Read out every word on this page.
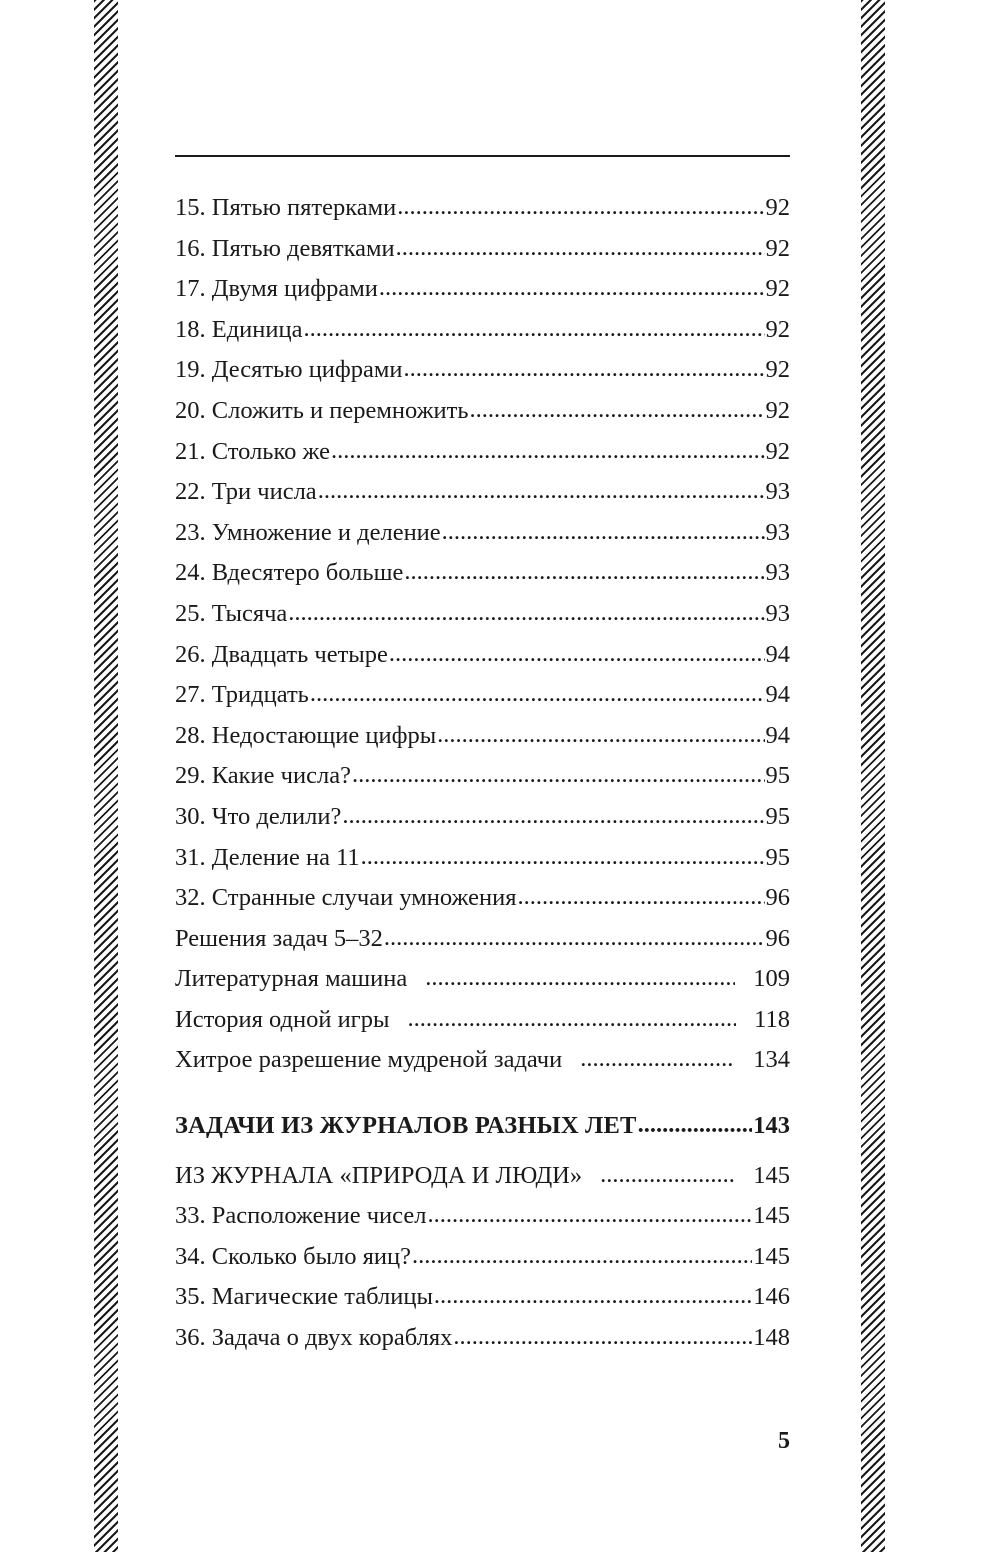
15. Пятью пятерками .....	92
16. Пятью девятками .....	92
17. Двумя цифрами .....	92
18. Единица .....	92
19. Десятью цифрами .....	92
20. Сложить и перемножить .....	92
21. Столько же .....	92
22. Три числа .....	93
23. Умножение и деление .....	93
24. Вдесятеро больше .....	93
25. Тысяча .....	93
26. Двадцать четыре .....	94
27. Тридцать .....	94
28. Недостающие цифры .....	94
29. Какие числа? .....	95
30. Что делили? .....	95
31. Деление на 11 .....	95
32. Странные случаи умножения .....	96
Решения задач 5–32 .....	96
Литературная машина .....	109
История одной игры .....	118
Хитрое разрешение мудреной задачи .....	134
ЗАДАЧИ ИЗ ЖУРНАЛОВ РАЗНЫХ ЛЕТ .....	143
ИЗ ЖУРНАЛА «ПРИРОДА И ЛЮДИ» .....	145
33. Расположение чисел .....	145
34. Сколько было яиц? .....	145
35. Магические таблицы .....	146
36. Задача о двух кораблях .....	148
5
